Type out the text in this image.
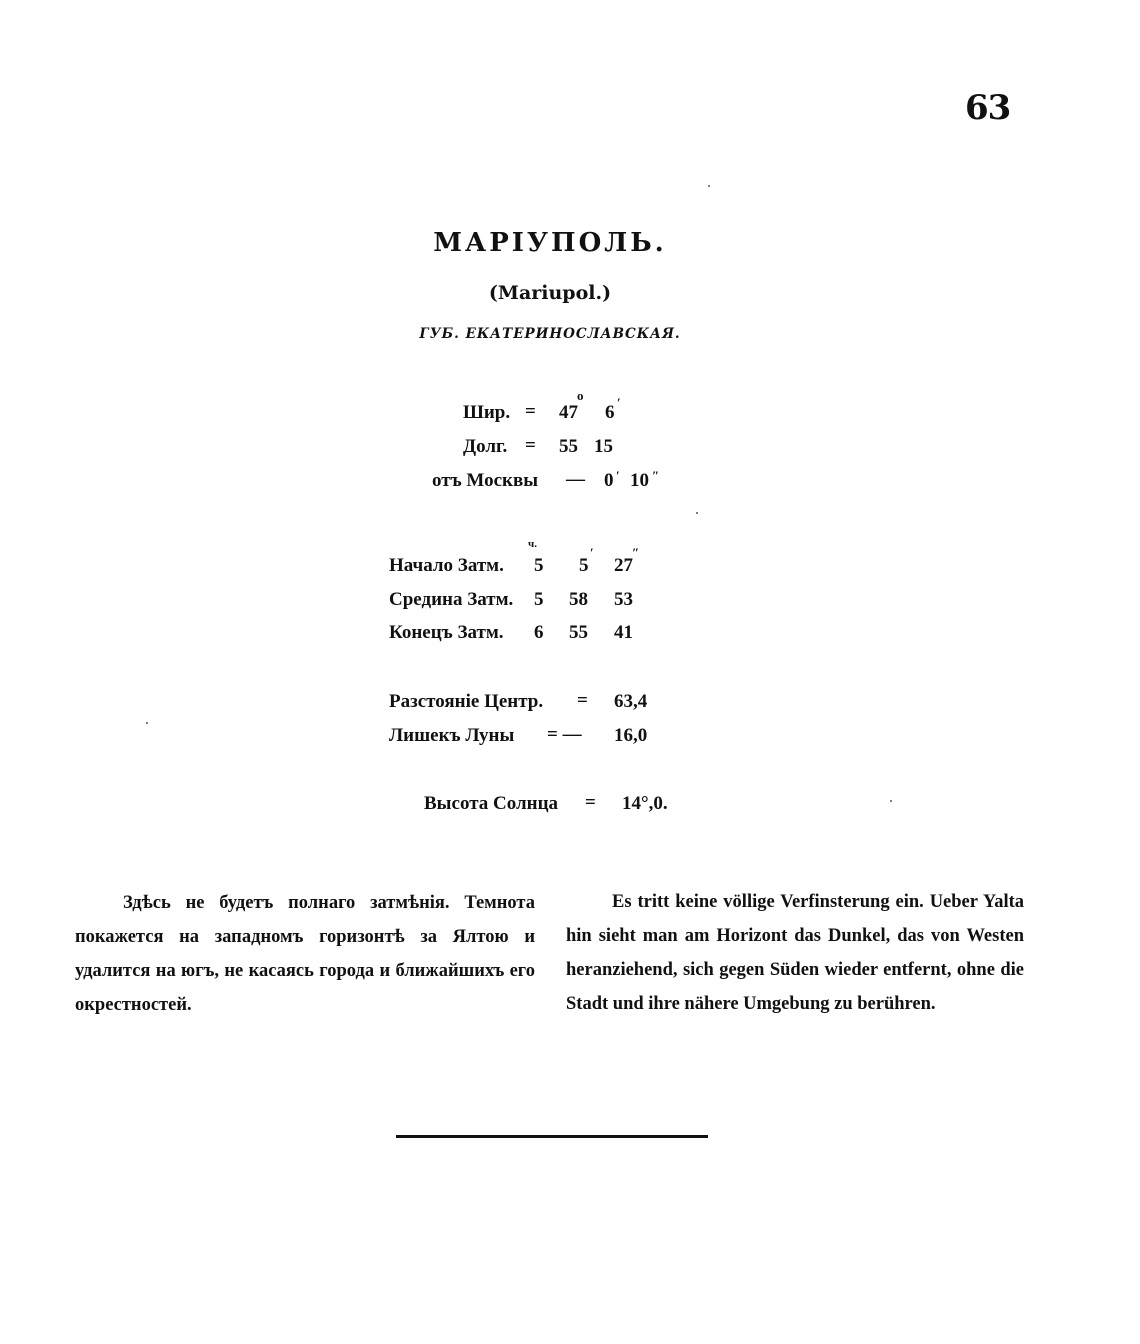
63
МАРІУПОЛЬ.
(Mariupol.)
ГУБ. ЕКАТЕРИНОСЛАВСКАЯ.
Шир. = 47
o
6 ′
Долг. = 55 15
отъ Москвы — 0 ′ 10 ″
ч.
′	″
Начало Затм. 5 5 27
Средина Затм. 5 58 53
Конецъ Затм. 6 55 41
Разстояніе Центр. = 63,4
Лишекъ Луны = — 16,0
Высота Солнца = 14°,0.
Здѣсь не будетъ полнаго затмѣнія. Темнота покажется на западномъ горизонтѣ за Ялтою и удалится на югъ, не касаясь города и ближайшихъ его окрестностей.
Es tritt keine völlige Verfinsterung ein. Ueber Yalta hin sieht man am Horizont das Dunkel, das von Westen heranziehend, sich gegen Süden wieder entfernt, ohne die Stadt und ihre nähere Umgebung zu berühren.
